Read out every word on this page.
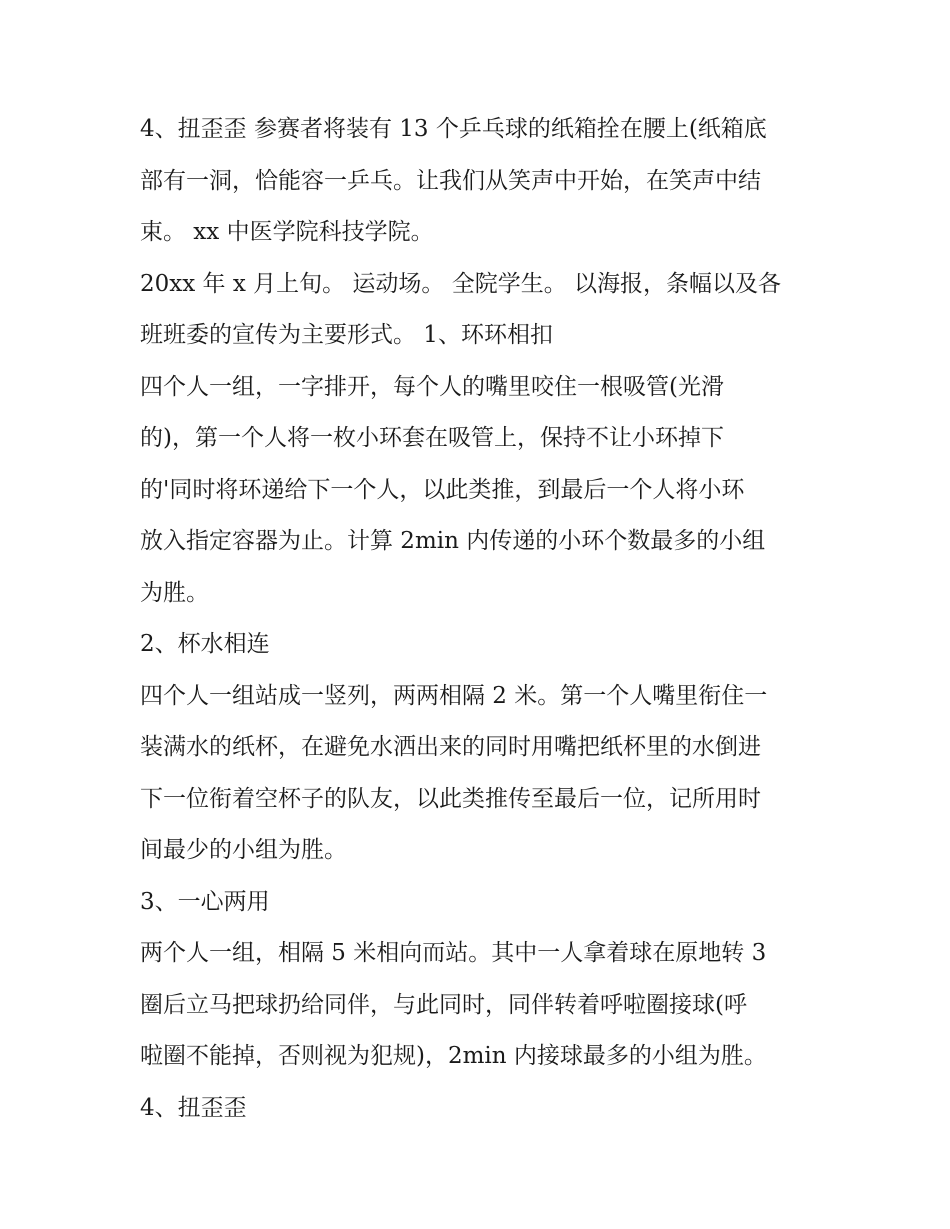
4、扭歪歪 参赛者将装有 13 个乒乓球的纸箱拴在腰上(纸箱底
部有一洞，恰能容一乒乓。让我们从笑声中开始，在笑声中结
束。 xx 中医学院科技学院。
20xx 年 x 月上旬。 运动场。 全院学生。 以海报，条幅以及各
班班委的宣传为主要形式。 1、环环相扣
四个人一组，一字排开，每个人的嘴里咬住一根吸管(光滑
的)，第一个人将一枚小环套在吸管上，保持不让小环掉下
的'同时将环递给下一个人，以此类推，到最后一个人将小环
放入指定容器为止。计算 2min 内传递的小环个数最多的小组
为胜。
2、杯水相连
四个人一组站成一竖列，两两相隔 2 米。第一个人嘴里衔住一
装满水的纸杯，在避免水洒出来的同时用嘴把纸杯里的水倒进
下一位衔着空杯子的队友，以此类推传至最后一位，记所用时
间最少的小组为胜。
3、一心两用
两个人一组，相隔 5 米相向而站。其中一人拿着球在原地转 3
圈后立马把球扔给同伴，与此同时，同伴转着呼啦圈接球(呼
啦圈不能掉，否则视为犯规)，2min 内接球最多的小组为胜。
4、扭歪歪
